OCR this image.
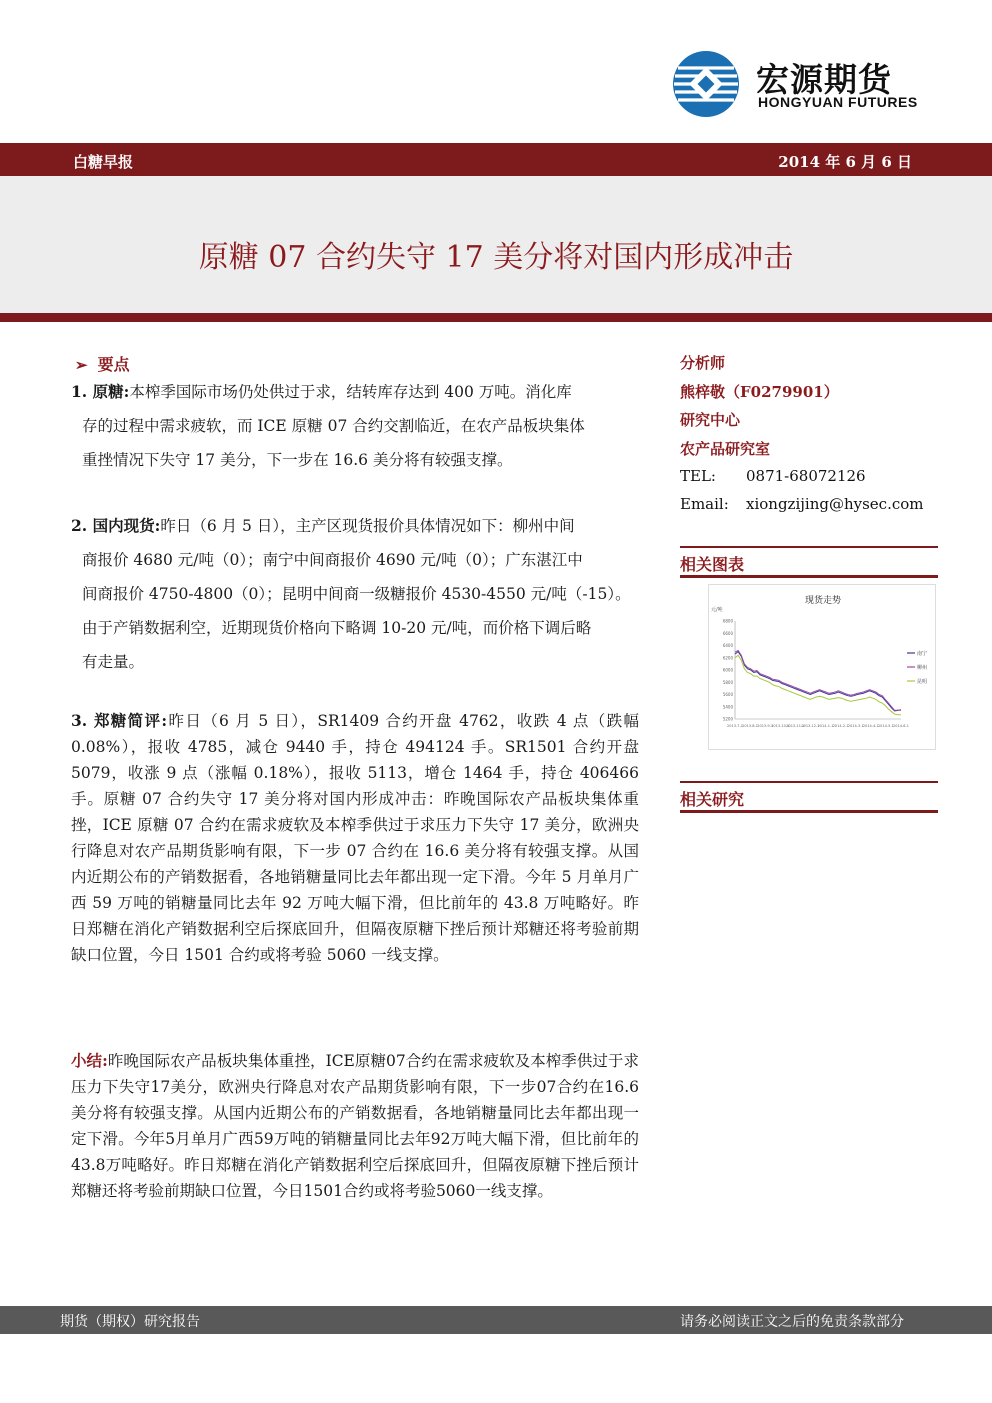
宏源期货
HONGYUAN FUTURES
白糖早报	2014 年 6 月 6 日
原糖 07 合约失守 17 美分将对国内形成冲击
➢ 要点
1. 原糖:本榨季国际市场仍处供过于求，结转库存达到 400 万吨。消化库
存的过程中需求疲软，而 ICE 原糖 07 合约交割临近，在农产品板块集体
重挫情况下失守 17 美分，下一步在 16.6 美分将有较强支撑。
2. 国内现货:昨日（6 月 5 日），主产区现货报价具体情况如下：柳州中间
商报价 4680 元/吨（0）；南宁中间商报价 4690 元/吨（0）；广东湛江中
间商报价 4750-4800（0）；昆明中间商一级糖报价 4530-4550 元/吨（-15）。
由于产销数据利空，近期现货价格向下略调 10-20 元/吨，而价格下调后略
有走量。
3. 郑糖简评:昨日（6 月 5 日），SR1409 合约开盘 4762，收跌 4 点（跌幅 0.08%），报收 4785，减仓 9440 手，持仓 494124 手。SR1501 合约开盘 5079，收涨 9 点（涨幅 0.18%），报收 5113，增仓 1464 手，持仓 406466 手。原糖 07 合约失守 17 美分将对国内形成冲击：昨晚国际农产品板块集体重挫，ICE 原糖 07 合约在需求疲软及本榨季供过于求压力下失守 17 美分，欧洲央行降息对农产品期货影响有限，下一步 07 合约在 16.6 美分将有较强支撑。从国内近期公布的产销数据看，各地销糖量同比去年都出现一定下滑。今年 5 月单月广西 59 万吨的销糖量同比去年 92 万吨大幅下滑，但比前年的 43.8 万吨略好。昨日郑糖在消化产销数据利空后探底回升，但隔夜原糖下挫后预计郑糖还将考验前期缺口位置，今日 1501 合约或将考验 5060 一线支撑。
小结:昨晚国际农产品板块集体重挫，ICE原糖07合约在需求疲软及本榨季供过于求压力下失守17美分，欧洲央行降息对农产品期货影响有限，下一步07合约在16.6美分将有较强支撑。从国内近期公布的产销数据看，各地销糖量同比去年都出现一定下滑。今年5月单月广西59万吨的销糖量同比去年92万吨大幅下滑，但比前年的43.8万吨略好。昨日郑糖在消化产销数据利空后探底回升，但隔夜原糖下挫后预计郑糖还将考验前期缺口位置，今日1501合约或将考验5060一线支撑。
分析师
熊梓敬（F0279901）
研究中心
农产品研究室
TEL: 0871-68072126
Email: xiongzijing@hysec.com
相关图表
现货走势
元/吨
6800
6600
6400
6200
6000
5800
5600
5400
5200
2013-7-1 2013-8-1 2013-9-1
2013-10-1
2013-11-1
2013-12-1
2014-1-1 2014-2-1 2014-3-1 2014-4-1 2014-5-1 2014-6-1
南宁
柳州
昆明
相关研究
期货（期权）研究报告	请务必阅读正文之后的免责条款部分
